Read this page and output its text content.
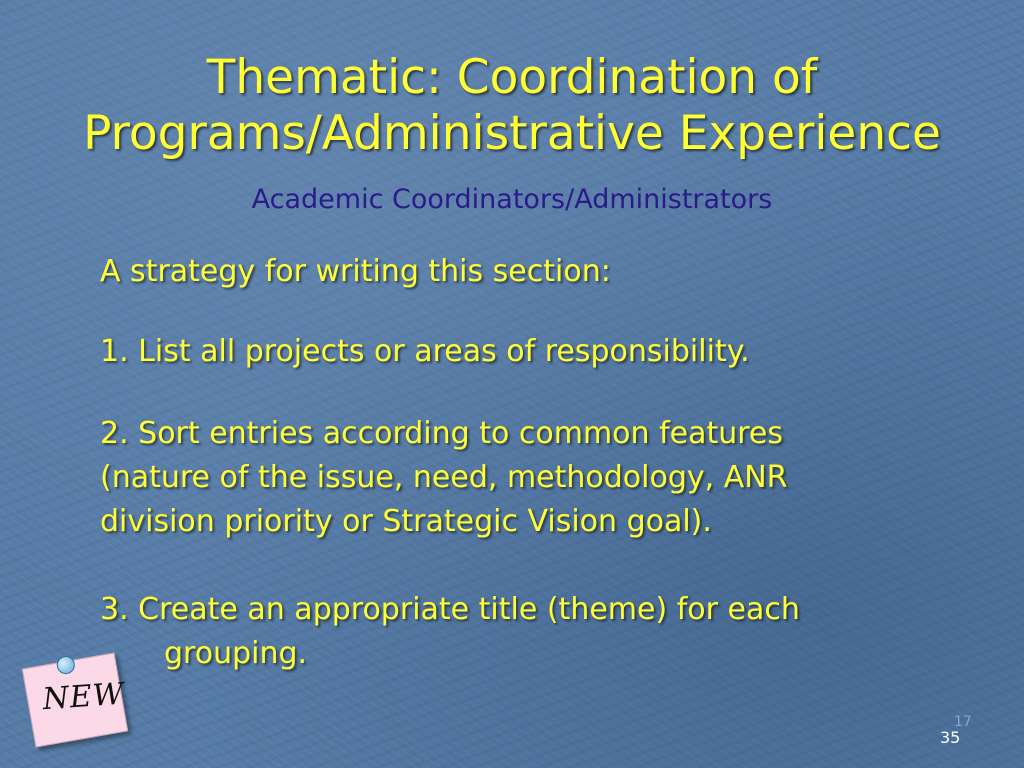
Thematic: Coordination of
Programs/Administrative Experience
Academic Coordinators/Administrators
A strategy for writing this section:
1. List all projects or areas of responsibility.
2. Sort entries according to common features
(nature of the issue, need, methodology, ANR
division priority or Strategic Vision goal).
3. Create an appropriate title (theme) for each
grouping.
NEW
17
35
